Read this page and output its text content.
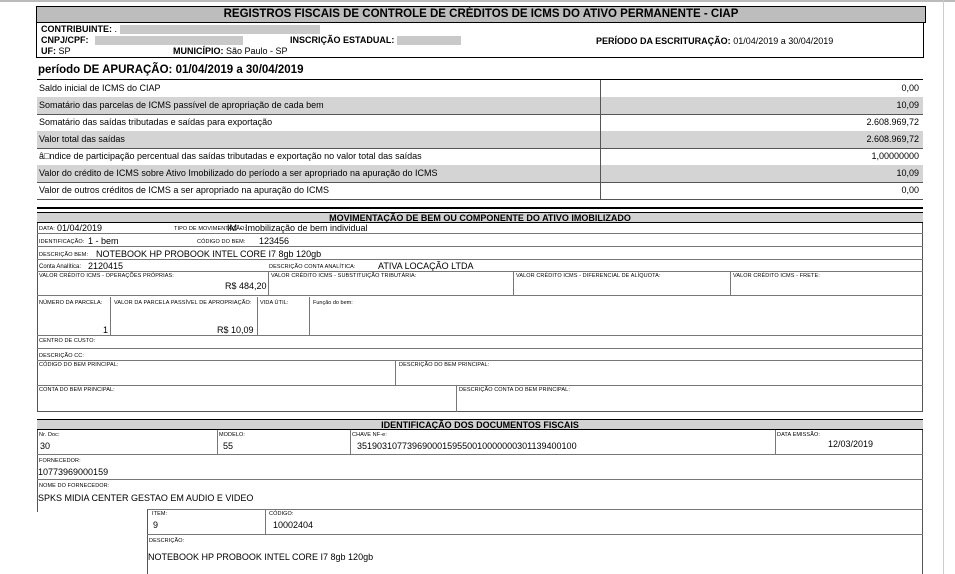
REGISTROS FISCAIS DE CONTROLE DE CRÉDITOS DE ICMS DO ATIVO PERMANENTE - CIAP
CONTRIBUINTE: .
CNPJ/CPF:	INSCRIÇÃO ESTADUAL:	PERÍODO DA ESCRITURAÇÃO: 01/04/2019 a 30/04/2019
UF: SP	MUNICÍPIO: São Paulo - SP
período DE APURAÇÃO: 01/04/2019 a 30/04/2019
Saldo inicial de ICMS do CIAP	0,00
Somatário das parcelas de ICMS passível de apropriação de cada bem	10,09
Somatário das saídas tributadas e saídas para exportação	2.608.969,72
Valor total das saídas	2.608.969,72
â□ndice de participação percentual das saídas tributadas e exportação no valor total das saídas	1,00000000
Valor do crédito de ICMS sobre Ativo Imobilizado do período a ser apropriado na apuração do ICMS	10,09
Valor de outros créditos de ICMS a ser apropriado na apuração do ICMS	0,00
MOVIMENTAÇÃO DE BEM OU COMPONENTE DO ATIVO IMOBILIZADO
DATA: 01/04/2019	TIPO DE MOVIMENTAÇÃO:
IM - Imobilização de bem individual
IDENTIFICAÇÃO: 1 - bem	CÓDIGO DO BEM: 123456
DESCRIÇÃO BEM: NOTEBOOK HP PROBOOK INTEL CORE I7 8gb 120gb
Conta Analítica: 2120415	DESCRIÇÃO CONTA ANALÍTICA: ATIVA LOCAÇÃO LTDA
VALOR CRÉDITO ICMS - OPERAÇÕES PRÓPRIAS:
R$ 484,20
VALOR CRÉDITO ICMS - SUBSTITUIÇÃO TRIBUTÁRIA:	VALOR CRÉDITO ICMS - DIFERENCIAL DE ALÍQUOTA:	VALOR CRÉDITO ICMS - FRETE:
NÚMERO DA PARCELA:
1
VALOR DA PARCELA PASSÍVEL DE APROPRIAÇÃO:
R$ 10,09
VIDA ÚTIL:	Função do bem:
CENTRO DE CUSTO:
DESCRIÇÃO CC:
CÓDIGO DO BEM PRINCIPAL:	DESCRIÇÃO DO BEM PRINCIPAL:
CONTA DO BEM PRINCIPAL:	DESCRIÇÃO CONTA DO BEM PRINCIPAL:
IDENTIFICAÇÃO DOS DOCUMENTOS FISCAIS
Nr. Doc:
30
MODELO:
55
CHAVE NF-e:
35190310773969000159550010000000301139400100
DATA EMISSÃO:
12/03/2019
FORNECEDOR:
10773969000159
NOME DO FORNECEDOR:
SPKS MIDIA CENTER GESTAO EM AUDIO E VIDEO
ITEM:
9
CÓDIGO:
10002404
DESCRIÇÃO:
NOTEBOOK HP PROBOOK INTEL CORE I7 8gb 120gb
